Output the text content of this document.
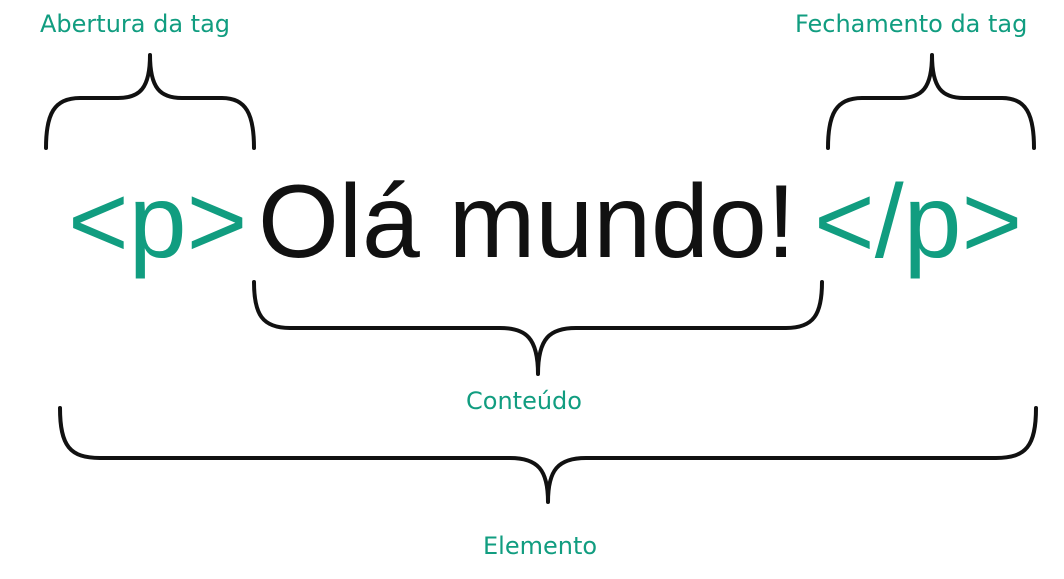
Abertura da tag	Fechamento da tag
Conteúdo
Elemento
<p> Olá mundo! </p>
